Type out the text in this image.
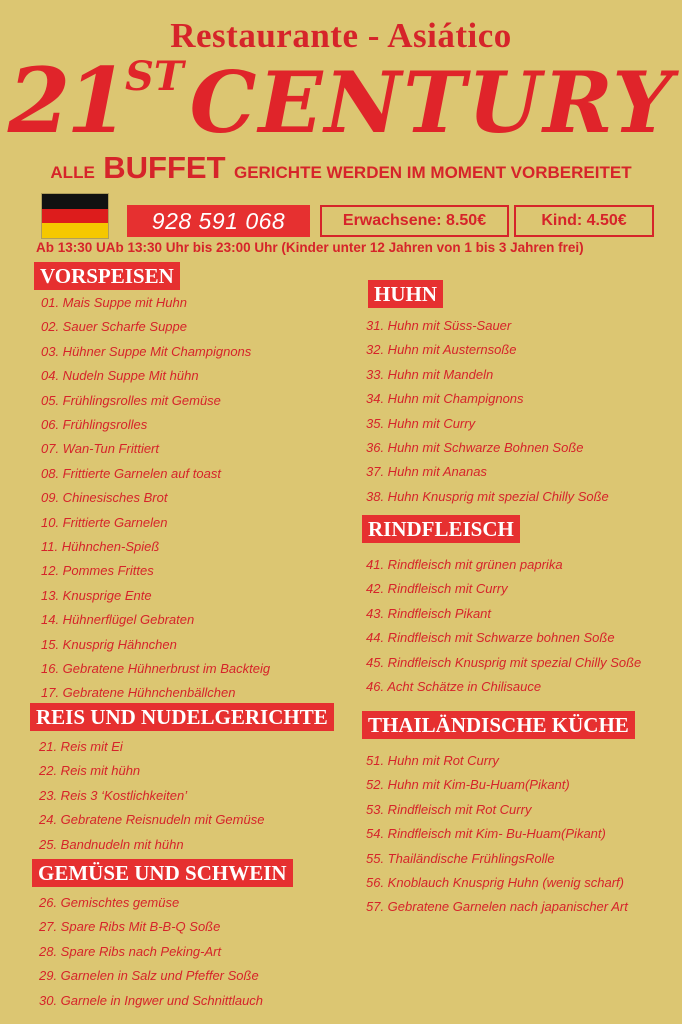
Restaurante - Asiático
21STCENTURY
ALLE BUFFET GERICHTE WERDEN IM MOMENT VORBEREITET
928 591 068	Erwachsene: 8.50€	Kind: 4.50€
Ab 13:30 UAb 13:30 Uhr bis 23:00 Uhr (Kinder unter 12 Jahren von 1 bis 3 Jahren frei)
VORSPEISEN
01. Mais Suppe mit Huhn
02. Sauer Scharfe Suppe
03. Hühner Suppe Mit Champignons
04. Nudeln Suppe Mit hühn
05. Frühlingsrolles mit Gemüse
06. Frühlingsrolles
07. Wan-Tun Frittiert
08. Frittierte Garnelen auf toast
09. Chinesisches Brot
10. Frittierte Garnelen
11. Hühnchen-Spieß
12. Pommes Frittes
13. Knusprige Ente
14. Hühnerflügel Gebraten
15. Knusprig Hähnchen
16. Gebratene Hühnerbrust im Backteig
17. Gebratene Hühnchenbällchen
REIS UND NUDELGERICHTE
21. Reis mit Ei
22. Reis mit hühn
23. Reis 3 ‘Kostlichkeiten’
24. Gebratene Reisnudeln mit Gemüse
25. Bandnudeln mit hühn
GEMÜSE UND SCHWEIN
26. Gemischtes gemüse
27. Spare Ribs Mit B-B-Q Soße
28. Spare Ribs nach Peking-Art
29. Garnelen in Salz und Pfeffer Soße
30. Garnele in Ingwer und Schnittlauch
HUHN
31. Huhn mit Süss-Sauer
32. Huhn mit Austernsoße
33. Huhn mit Mandeln
34. Huhn mit Champignons
35. Huhn mit Curry
36. Huhn mit Schwarze Bohnen Soße
37. Huhn mit Ananas
38. Huhn Knusprig mit spezial Chilly Soße
RINDFLEISCH
41. Rindfleisch mit grünen paprika
42. Rindfleisch mit Curry
43. Rindfleisch Pikant
44. Rindfleisch mit Schwarze bohnen Soße
45. Rindfleisch Knusprig mit spezial Chilly Soße
46. Acht Schätze in Chilisauce
THAILÄNDISCHE KÜCHE
51. Huhn mit Rot Curry
52. Huhn mit Kim-Bu-Huam(Pikant)
53. Rindfleisch mit Rot Curry
54. Rindfleisch mit Kim- Bu-Huam(Pikant)
55. Thailändische FrühlingsRolle
56. Knoblauch Knusprig Huhn (wenig scharf)
57. Gebratene Garnelen nach japanischer Art
